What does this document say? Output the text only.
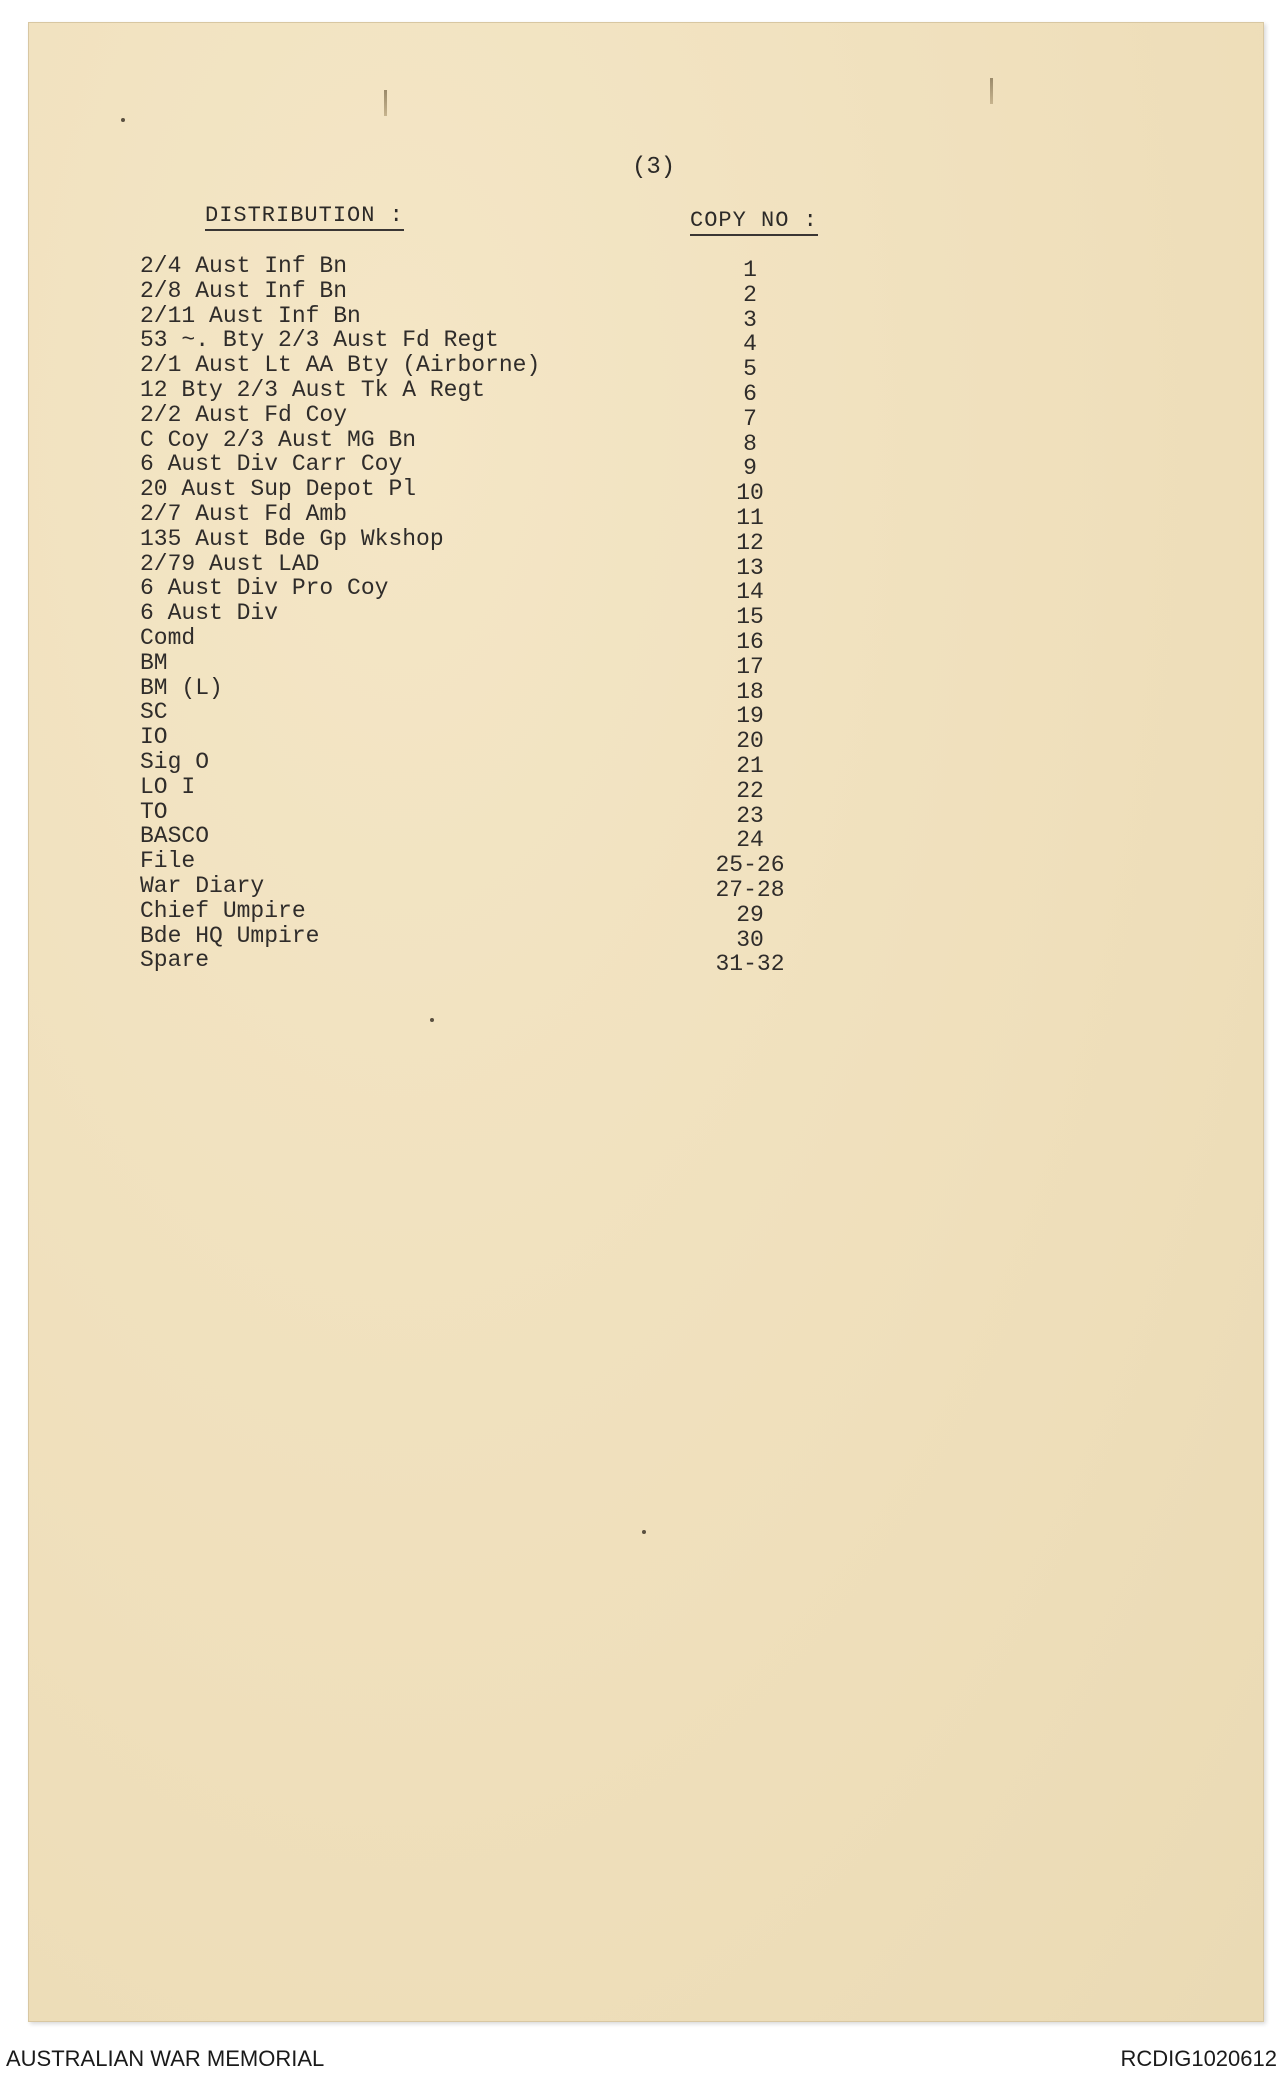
(3)
DISTRIBUTION :	COPY NO :
2/4 Aust Inf Bn	1
2/8 Aust Inf Bn	2
2/11 Aust Inf Bn	3
53 ~. Bty 2/3 Aust Fd Regt	4
2/1 Aust Lt AA Bty (Airborne)	5
12 Bty 2/3 Aust Tk A Regt	6
2/2 Aust Fd Coy	7
C Coy 2/3 Aust MG Bn	8
6 Aust Div Carr Coy	9
20 Aust Sup Depot Pl	10
2/7 Aust Fd Amb	11
135 Aust Bde Gp Wkshop	12
2/79 Aust LAD	13
6 Aust Div Pro Coy	14
6 Aust Div	15
Comd	16
BM	17
BM (L)	18
SC	19
IO	20
Sig O	21
LO I	22
TO	23
BASCO	24
File	25-26
War Diary	27-28
Chief Umpire	29
Bde HQ Umpire	30
Spare	31-32
AUSTRALIAN WAR MEMORIAL	RCDIG1020612
